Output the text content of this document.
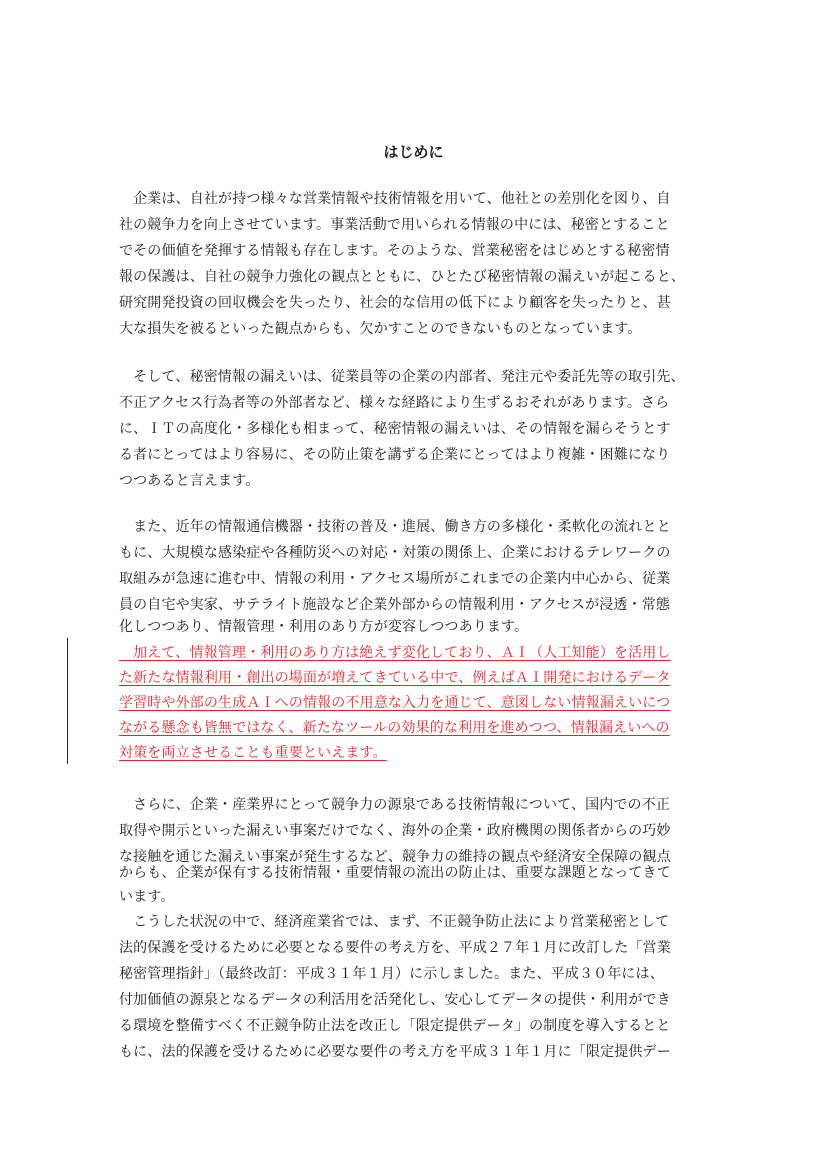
はじめに
　企業は、自社が持つ様々な営業情報や技術情報を用いて、他社との差別化を図り、自
社の競争力を向上させています。事業活動で用いられる情報の中には、秘密とすること
でその価値を発揮する情報も存在します。そのような、営業秘密をはじめとする秘密情
報の保護は、自社の競争力強化の観点とともに、ひとたび秘密情報の漏えいが起こると、
研究開発投資の回収機会を失ったり、社会的な信用の低下により顧客を失ったりと、甚
大な損失を被るといった観点からも、欠かすことのできないものとなっています。
　そして、秘密情報の漏えいは、従業員等の企業の内部者、発注元や委託先等の取引先、
不正アクセス行為者等の外部者など、様々な経路により生ずるおそれがあります。さら
に、ＩＴの高度化・多様化も相まって、秘密情報の漏えいは、その情報を漏らそうとす
る者にとってはより容易に、その防止策を講ずる企業にとってはより複雑・困難になり
つつあると言えます。
　また、近年の情報通信機器・技術の普及・進展、働き方の多様化・柔軟化の流れとと
もに、大規模な感染症や各種防災への対応・対策の関係上、企業におけるテレワークの
取組みが急速に進む中、情報の利用・アクセス場所がこれまでの企業内中心から、従業
員の自宅や実家、サテライト施設など企業外部からの情報利用・アクセスが浸透・常態
化しつつあり、情報管理・利用のあり方が変容しつつあります。
　加えて、情報管理・利用のあり方は絶えず変化しており、ＡＩ（人工知能）を活用し
た新たな情報利用・創出の場面が増えてきている中で、例えばＡＩ開発におけるデータ
学習時や外部の生成ＡＩへの情報の不用意な入力を通じて、意図しない情報漏えいにつ
ながる懸念も皆無ではなく、新たなツールの効果的な利用を進めつつ、情報漏えいへの
対策を両立させることも重要といえます。
　さらに、企業・産業界にとって競争力の源泉である技術情報について、国内での不正
取得や開示といった漏えい事案だけでなく、海外の企業・政府機関の関係者からの巧妙
な接触を通じた漏えい事案が発生するなど、競争力の維持の観点や経済安全保障の観点
からも、企業が保有する技術情報・重要情報の流出の防止は、重要な課題となってきて
います。
　こうした状況の中で、経済産業省では、まず、不正競争防止法により営業秘密として
法的保護を受けるために必要となる要件の考え方を、平成２７年１月に改訂した「営業
秘密管理指針」（最終改訂：平成３１年１月）に示しました。また、平成３０年には、
付加価値の源泉となるデータの利活用を活発化し、安心してデータの提供・利用ができ
る環境を整備すべく不正競争防止法を改正し「限定提供データ」の制度を導入するとと
もに、法的保護を受けるために必要な要件の考え方を平成３１年１月に「限定提供デー
